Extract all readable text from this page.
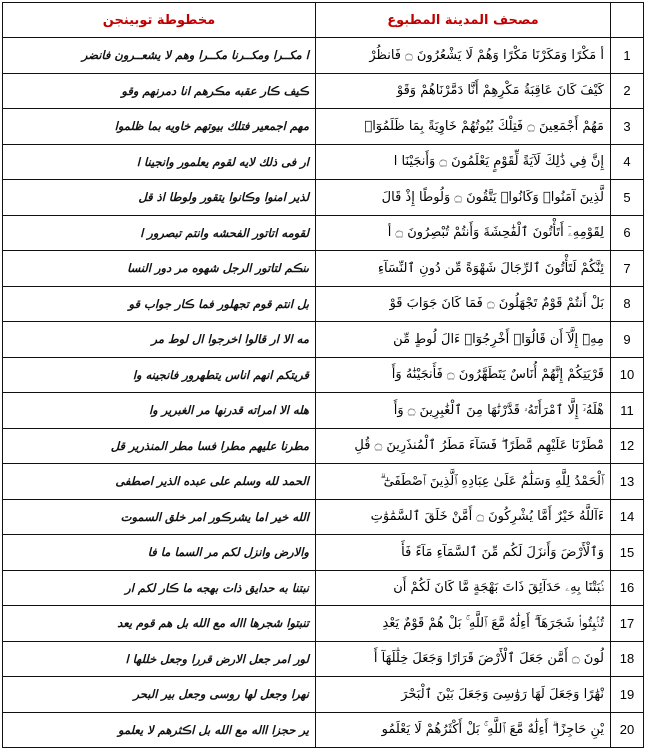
مخطوطة توبينجن	مصحف المدينة المطبوع	
ا مكــرا ومكــرنا مكــرا وهم لا يشعــرون فانضر	أ مَكْرًا وَمَكَرْنَا مَكْرًا وَهُمْ لَا يَشْعُرُونَ ۝ فَانظُرْ	1
ڪيف ڪار عقبه مڪرهم انا دمرنهم وقو	كَيْفَ كَانَ عَاقِبَةُ مَكْرِهِمْ أَنَّا دَمَّرْنَاهُمْ وَقَوْ	2
مهم اجمعير فتلك بيوتهم خاويه بما ظلموا	مَهُمْ أَجْمَعِينَ ۝ فَتِلْكَ بُيُوتُهُمْ خَاوِيَةً بِمَا ظَلَمُوٓا۟	3
ار فى ذلك لايه لقوم يعلمور وانجينا ا	إِنَّ فِي ذَٰلِكَ لَآيَةً لِّقَوْمٍ يَعْلَمُونَ ۝ وَأَنجَيْنَا ا	4
لذير امنوا وڪانوا يتقور ولوطا اذ قل	لَّذِينَ آمَنُوا۟ وَكَانُوا۟ يَتَّقُونَ ۝ وَلُوطًا إِذْ قَالَ	5
لقومه اتاتور الفحشه وانتم تبصرور ا	لِقَوْمِهِۦٓ أَتَأْتُونَ ٱلْفَٰحِشَةَ وَأَنتُمْ تُبْصِرُونَ ۝ أ	6
ىنڪم لتاتور الرجل شهوه مر دور النسا	ئِنَّكُمْ لَتَأْتُونَ ٱلرِّجَالَ شَهْوَةً مِّن دُونِ ٱلنِّسَآءِ	7
بل انتم قوم تجهلور فما ڪار جواب قو	بَلْ أَنتُمْ قَوْمٌ تَجْهَلُونَ ۝ فَمَا كَانَ جَوَابَ قَوْ	8
مه الا ار قالوا اخرجوا ال لوط مر	مِهِۦٓ إِلَّآ أَن قَالُوٓا۟ أَخْرِجُوٓا۟ ءَالَ لُوطٍ مِّن	9
قريتكم انهم اناس يتطهرور فانجينه وا	قَرْيَتِكُمْ إِنَّهُمْ أُنَاسٌ يَتَطَهَّرُونَ ۝ فَأَنجَيْنَٰهُ وَأَ	10
هله الا امراته قدرنها مر الغبرير وا	هْلَهُۥٓ إِلَّا ٱمْرَأَتَهُۥ قَدَّرْنَٰهَا مِنَ ٱلْغَٰبِرِينَ ۝ وَأَ	11
مطرنا عليهم مطرا فسا مطر المنذرير قل	مْطَرْنَا عَلَيْهِم مَّطَرًا ۖ فَسَآءَ مَطَرُ ٱلْمُنذَرِينَ ۝ قُلِ	12
الحمد لله وسلم على عبده الذير اصطفى	ٱلْحَمْدُ لِلَّهِ وَسَلَٰمٌ عَلَىٰ عِبَادِهِ ٱلَّذِينَ ٱصْطَفَىٰٓ ۗ	13
الله خير اما يشرڪور امر خلق السموت	ءَآللَّهُ خَيْرٌ أَمَّا يُشْرِكُونَ ۝ أَمَّنْ خَلَقَ ٱلسَّمَٰوَٰتِ	14
والارض وانزل لكم مر السما ما فا	وَٱلْأَرْضَ وَأَنزَلَ لَكُم مِّنَ ٱلسَّمَآءِ مَآءً فَأَ	15
نبتنا به حدايق ذات بهجه ما ڪار لكم ار	نۢبَتْنَا بِهِۦ حَدَآئِقَ ذَاتَ بَهْجَةٍ مَّا كَانَ لَكُمْ أَن	16
تنبتوا شجرها االه مع الله بل هم قوم يعد	تُنۢبِتُوا۟ شَجَرَهَآ ۗ أَءِلَٰهٌ مَّعَ ٱللَّهِ ۚ بَلْ هُمْ قَوْمٌ يَعْدِ	17
لور امر جعل الارض قررا وجعل خللها ا	لُونَ ۝ أَمَّن جَعَلَ ٱلْأَرْضَ قَرَارًا وَجَعَلَ خِلَٰلَهَآ أَ	18
نهرا وجعل لها روسى وجعل بير البحر	نْهَٰرًا وَجَعَلَ لَهَا رَوَٰسِىَ وَجَعَلَ بَيْنَ ٱلْبَحْرَ	19
ير حجزا االه مع الله بل اڪثرهم لا يعلمو	يْنِ حَاجِزًا ۗ أَءِلَٰهٌ مَّعَ ٱللَّهِ ۚ بَلْ أَكْثَرُهُمْ لَا يَعْلَمُو	20
